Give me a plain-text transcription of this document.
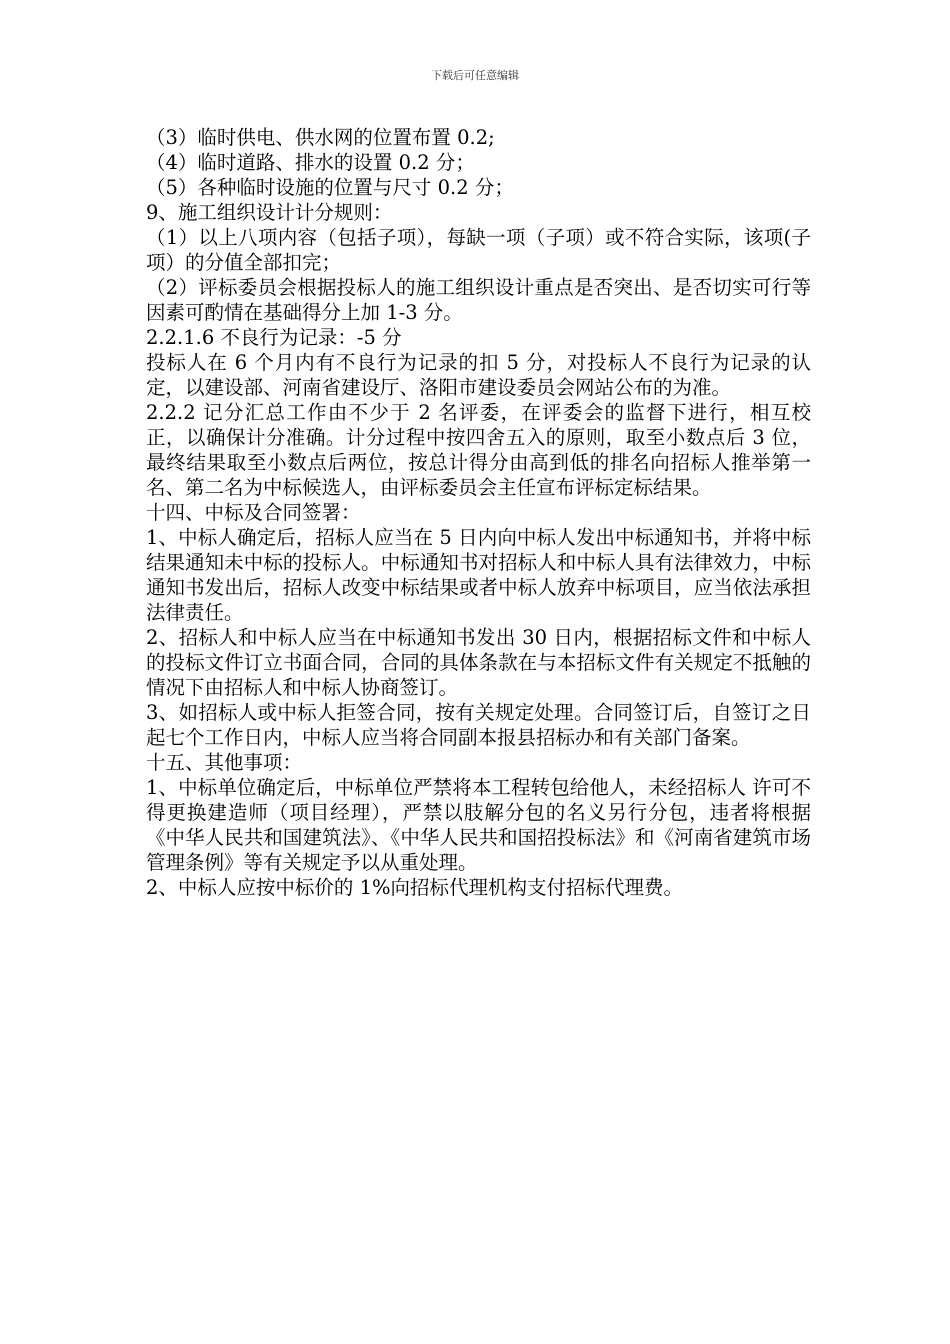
下载后可任意编辑

（3）临时供电、供水网的位置布置 0.2;

（4）临时道路、排水的设置 0.2 分；

（5）各种临时设施的位置与尺寸 0.2 分；

9、施工组织设计计分规则：

（1）以上八项内容（包括子项），每缺一项（子项）或不符合实际，该项(子项）的分值全部扣完；

（2）评标委员会根据投标人的施工组织设计重点是否突出、是否切实可行等因素可酌情在基础得分上加 1-3 分。

2.2.1.6 不良行为记录：-5 分

投标人在 6 个月内有不良行为记录的扣 5 分，对投标人不良行为记录的认定，以建设部、河南省建设厅、洛阳市建设委员会网站公布的为准。

2.2.2 记分汇总工作由不少于 2 名评委，在评委会的监督下进行，相互校正，以确保计分准确。计分过程中按四舍五入的原则，取至小数点后 3 位，最终结果取至小数点后两位，按总计得分由高到低的排名向招标人推举第一名、第二名为中标候选人，由评标委员会主任宣布评标定标结果。

十四、中标及合同签署：

1、中标人确定后，招标人应当在 5 日内向中标人发出中标通知书，并将中标结果通知未中标的投标人。中标通知书对招标人和中标人具有法律效力，中标通知书发出后，招标人改变中标结果或者中标人放弃中标项目，应当依法承担法律责任。

2、招标人和中标人应当在中标通知书发出 30 日内，根据招标文件和中标人的投标文件订立书面合同，合同的具体条款在与本招标文件有关规定不抵触的情况下由招标人和中标人协商签订。

3、如招标人或中标人拒签合同，按有关规定处理。合同签订后，自签订之日起七个工作日内，中标人应当将合同副本报县招标办和有关部门备案。

十五、其他事项：

1、中标单位确定后，中标单位严禁将本工程转包给他人，未经招标人 许可不得更换建造师（项目经理），严禁以肢解分包的名义另行分包，违者将根据《中华人民共和国建筑法》、《中华人民共和国招投标法》和《河南省建筑市场管理条例》等有关规定予以从重处理。

2、中标人应按中标价的 1%向招标代理机构支付招标代理费。
